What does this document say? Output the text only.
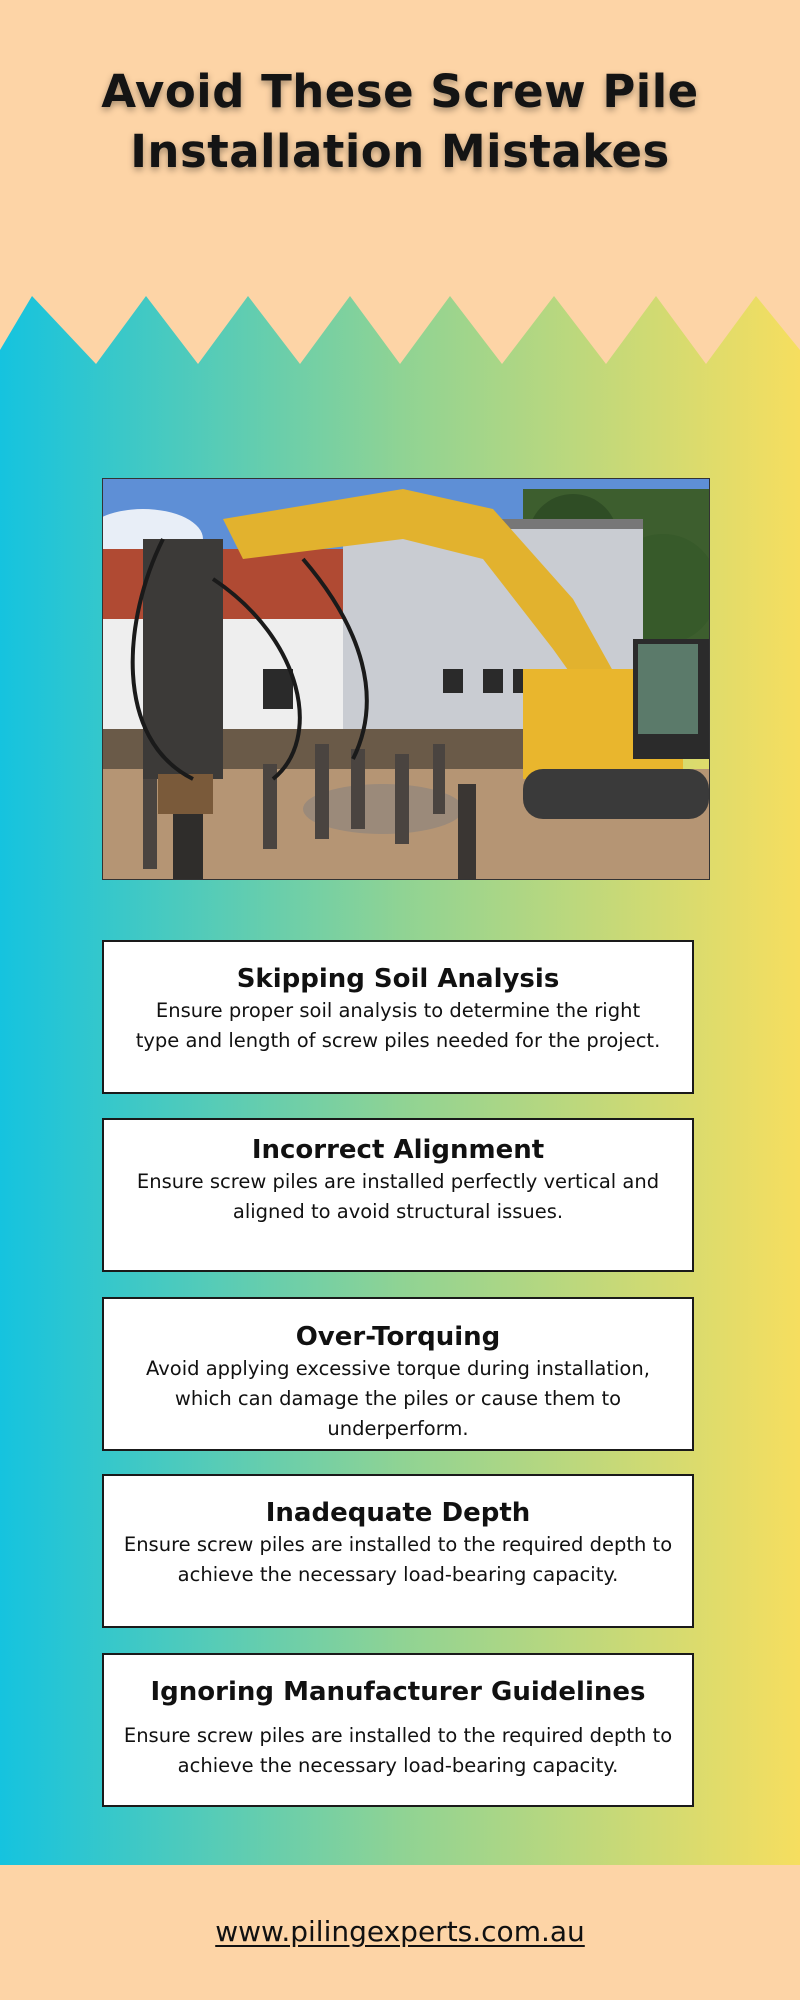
Avoid These Screw Pile
Installation Mistakes
Skipping Soil Analysis

Ensure proper soil analysis to determine the right type and length of screw piles needed for the project.

Incorrect Alignment

Ensure screw piles are installed perfectly vertical and aligned to avoid structural issues.

Over-Torquing

Avoid applying excessive torque during installation, which can damage the piles or cause them to underperform.

Inadequate Depth

Ensure screw piles are installed to the required depth to achieve the necessary load-bearing capacity.

Ignoring Manufacturer Guidelines

Ensure screw piles are installed to the required depth to achieve the necessary load-bearing capacity.

www.pilingexperts.com.au
